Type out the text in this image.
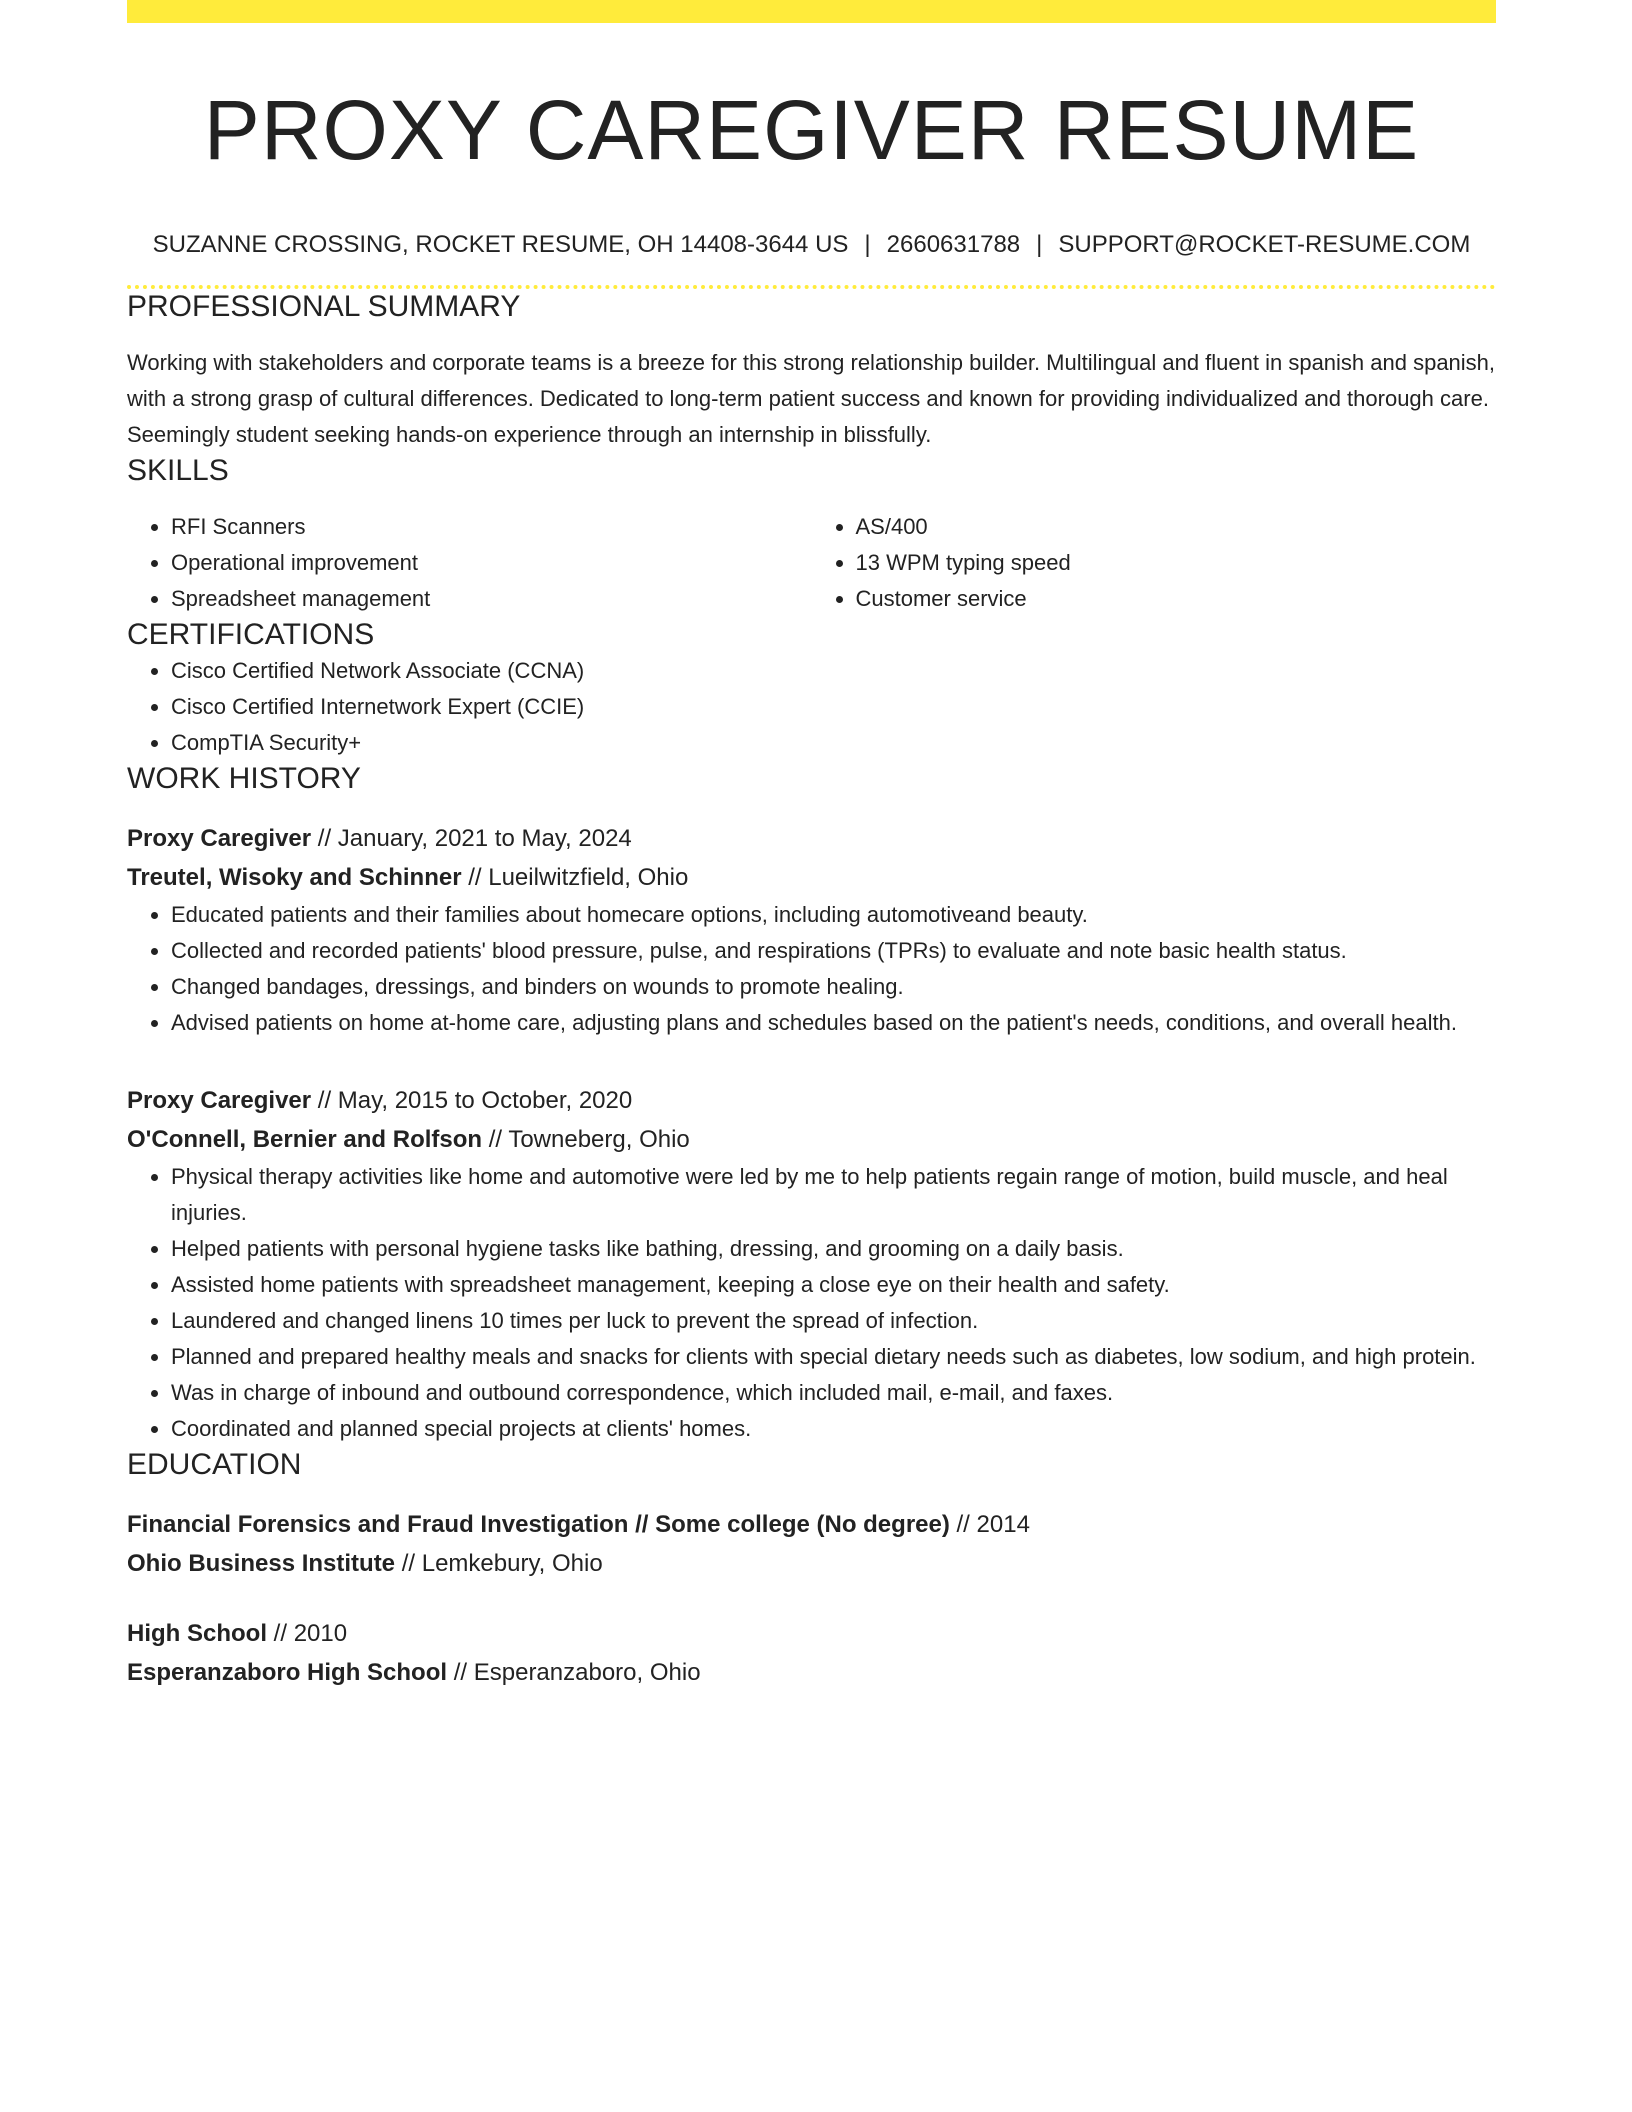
PROXY CAREGIVER RESUME
SUZANNE CROSSING, ROCKET RESUME, OH 14408-3644 US | 2660631788 | SUPPORT@ROCKET-RESUME.COM
PROFESSIONAL SUMMARY

Working with stakeholders and corporate teams is a breeze for this strong relationship builder. Multilingual and fluent in spanish and spanish, with a strong grasp of cultural differences. Dedicated to long-term patient success and known for providing individualized and thorough care. Seemingly student seeking hands-on experience through an internship in blissfully.

SKILLS
• RFI Scanners
• Operational improvement
• Spreadsheet management
• AS/400
• 13 WPM typing speed
• Customer service
CERTIFICATIONS
• Cisco Certified Network Associate (CCNA)
• Cisco Certified Internetwork Expert (CCIE)
• CompTIA Security+
WORK HISTORY
Proxy Caregiver // January, 2021 to May, 2024
Treutel, Wisoky and Schinner // Lueilwitzfield, Ohio
• Educated patients and their families about homecare options, including automotiveand beauty.
• Collected and recorded patients' blood pressure, pulse, and respirations (TPRs) to evaluate and note basic health status.
• Changed bandages, dressings, and binders on wounds to promote healing.
• Advised patients on home at-home care, adjusting plans and schedules based on the patient's needs, conditions, and overall health.
Proxy Caregiver // May, 2015 to October, 2020
O'Connell, Bernier and Rolfson // Towneberg, Ohio
• Physical therapy activities like home and automotive were led by me to help patients regain range of motion, build muscle, and heal injuries.
• Helped patients with personal hygiene tasks like bathing, dressing, and grooming on a daily basis.
• Assisted home patients with spreadsheet management, keeping a close eye on their health and safety.
• Laundered and changed linens 10 times per luck to prevent the spread of infection.
• Planned and prepared healthy meals and snacks for clients with special dietary needs such as diabetes, low sodium, and high protein.
• Was in charge of inbound and outbound correspondence, which included mail, e-mail, and faxes.
• Coordinated and planned special projects at clients' homes.
EDUCATION
Financial Forensics and Fraud Investigation // Some college (No degree) // 2014
Ohio Business Institute // Lemkebury, Ohio
High School // 2010
Esperanzaboro High School // Esperanzaboro, Ohio
